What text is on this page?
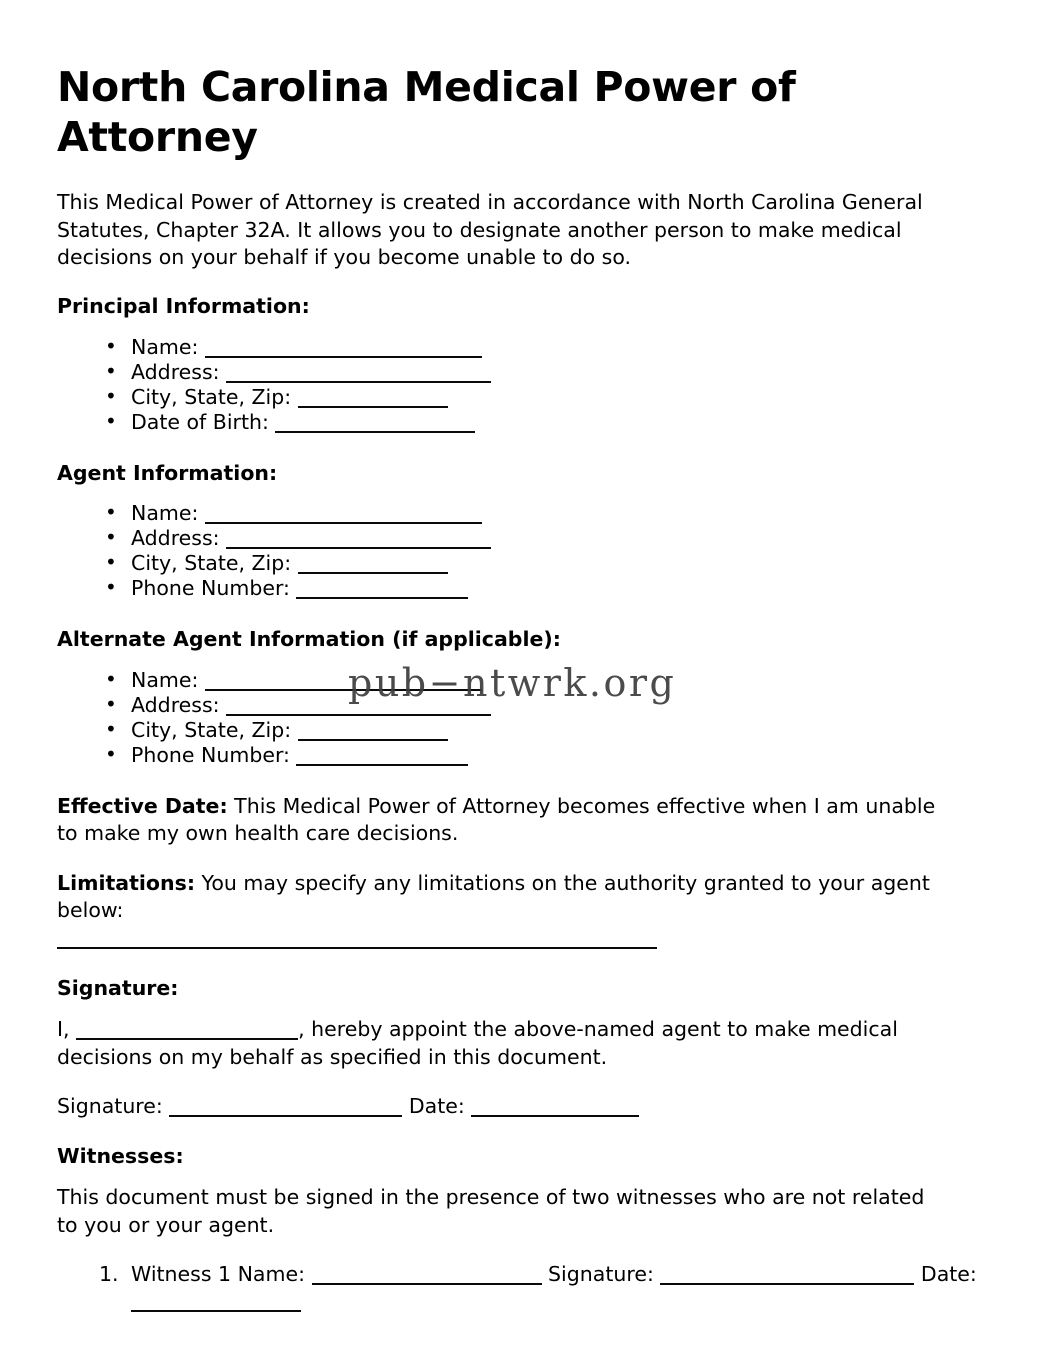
North Carolina Medical Power of Attorney

This Medical Power of Attorney is created in accordance with North Carolina General Statutes, Chapter 32A. It allows you to designate another person to make medical decisions on your behalf if you become unable to do so.

Principal Information:
• Name:
• Address:
• City, State, Zip:
• Date of Birth:
Agent Information:
• Name:
• Address:
• City, State, Zip:
• Phone Number:
Alternate Agent Information (if applicable):
• Name:
• Address:
• City, State, Zip:
• Phone Number:

Effective Date: This Medical Power of Attorney becomes effective when I am unable to make my own health care decisions.

Limitations: You may specify any limitations on the authority granted to your agent below:

Signature:

I,	, hereby appoint the above-named agent to make medical decisions on my behalf as specified in this document.

Signature:	Date:
Witnesses:

This document must be signed in the presence of two witnesses who are not related to you or your agent.

Witness 1 Name:	Signature:	Date:
pub−ntwrk.org
